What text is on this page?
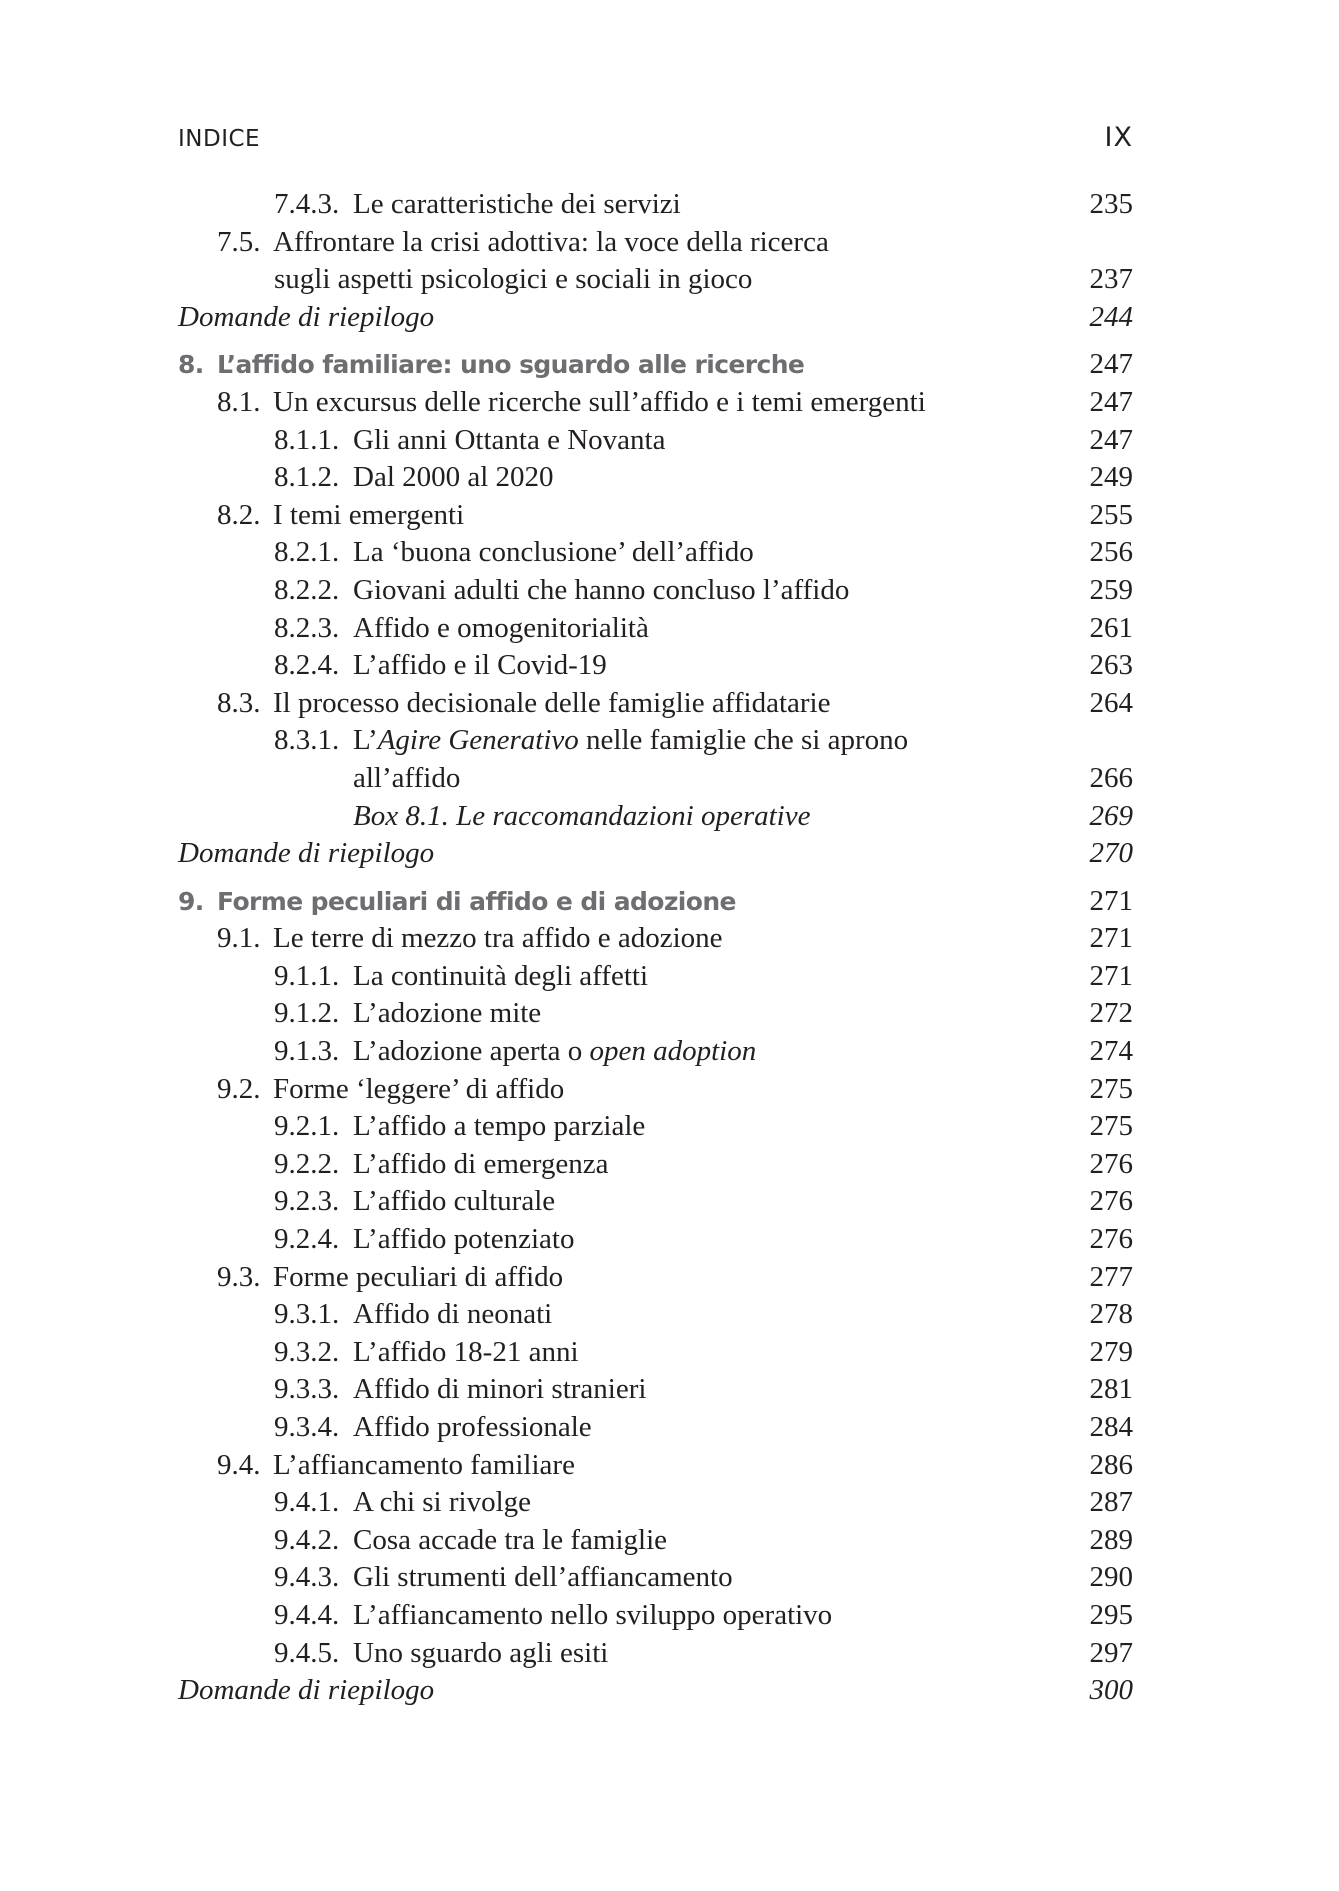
INDICE	IX
7.4.3. Le caratteristiche dei servizi	235
7.5. Affrontare la crisi adottiva: la voce della ricerca
sugli aspetti psicologici e sociali in gioco	237
Domande di riepilogo	244
8. L’affido familiare: uno sguardo alle ricerche	247
8.1. Un excursus delle ricerche sull’affido e i temi emergenti	247
8.1.1. Gli anni Ottanta e Novanta	247
8.1.2. Dal 2000 al 2020	249
8.2. I temi emergenti	255
8.2.1. La ‘buona conclusione’ dell’affido	256
8.2.2. Giovani adulti che hanno concluso l’affido	259
8.2.3. Affido e omogenitorialità	261
8.2.4. L’affido e il Covid-19	263
8.3. Il processo decisionale delle famiglie affidatarie	264
8.3.1. L’Agire Generativo nelle famiglie che si aprono
all’affido	266
Box 8.1. Le raccomandazioni operative	269
Domande di riepilogo	270
9. Forme peculiari di affido e di adozione	271
9.1. Le terre di mezzo tra affido e adozione	271
9.1.1. La continuità degli affetti	271
9.1.2. L’adozione mite	272
9.1.3. L’adozione aperta o open adoption	274
9.2. Forme ‘leggere’ di affido	275
9.2.1. L’affido a tempo parziale	275
9.2.2. L’affido di emergenza	276
9.2.3. L’affido culturale	276
9.2.4. L’affido potenziato	276
9.3. Forme peculiari di affido	277
9.3.1. Affido di neonati	278
9.3.2. L’affido 18-21 anni	279
9.3.3. Affido di minori stranieri	281
9.3.4. Affido professionale	284
9.4. L’affiancamento familiare	286
9.4.1. A chi si rivolge	287
9.4.2. Cosa accade tra le famiglie	289
9.4.3. Gli strumenti dell’affiancamento	290
9.4.4. L’affiancamento nello sviluppo operativo	295
9.4.5. Uno sguardo agli esiti	297
Domande di riepilogo	300
